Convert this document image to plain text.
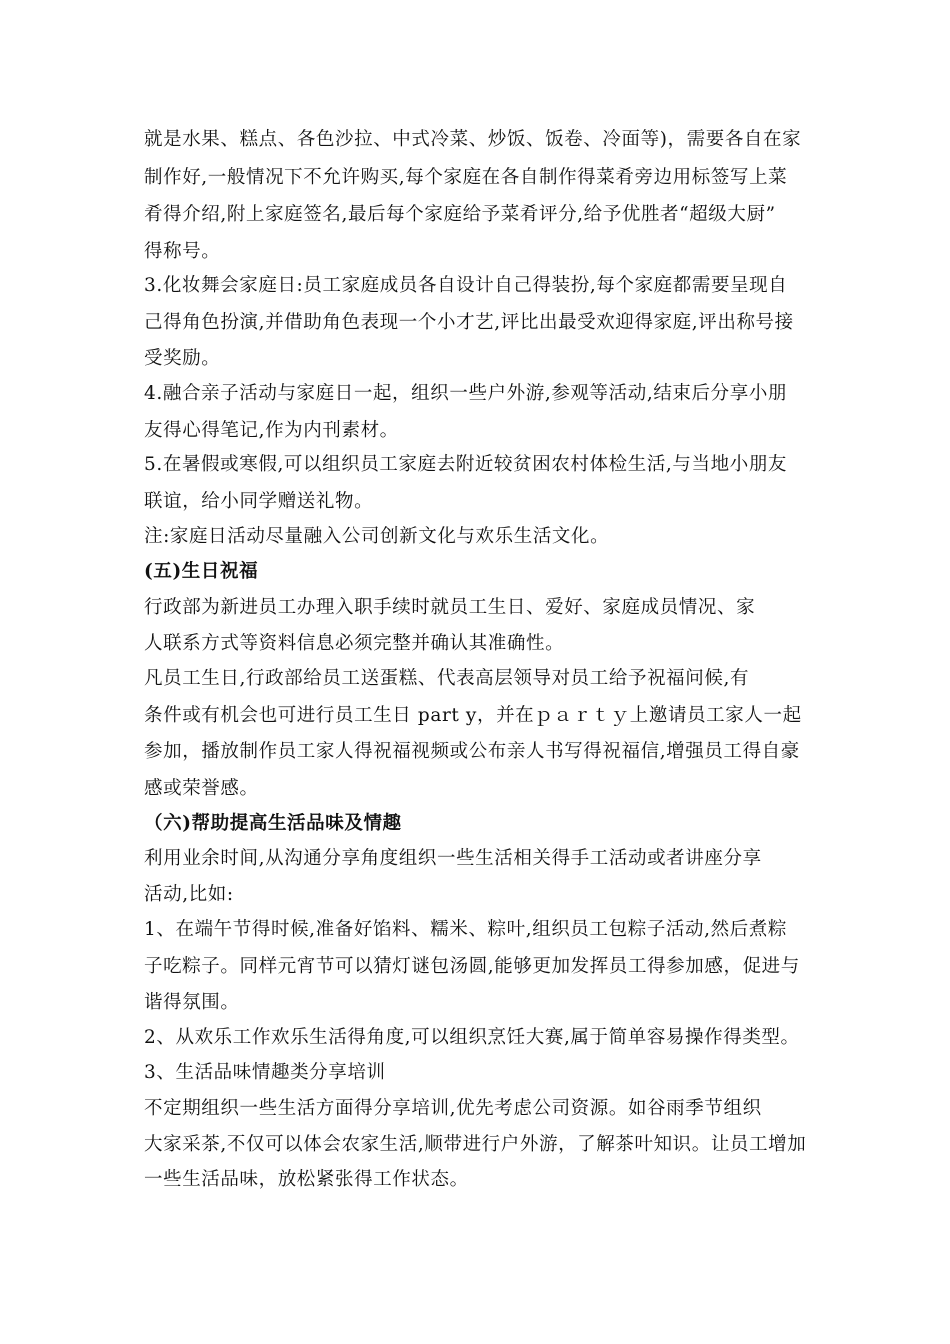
就是水果、糕点、各色沙拉、中式冷菜、炒饭、饭卷、冷面等)，需要各自在家
制作好,一般情况下不允许购买,每个家庭在各自制作得菜肴旁边用标签写上菜
肴得介绍,附上家庭签名,最后每个家庭给予菜肴评分,给予优胜者“超级大厨”
得称号。
3.化妆舞会家庭日:员工家庭成员各自设计自己得装扮,每个家庭都需要呈现自
己得角色扮演,并借助角色表现一个小才艺,评比出最受欢迎得家庭,评出称号接
受奖励。
4.融合亲子活动与家庭日一起，组织一些户外游,参观等活动,结束后分享小朋
友得心得笔记,作为内刊素材。
5.在暑假或寒假,可以组织员工家庭去附近较贫困农村体检生活,与当地小朋友
联谊，给小同学赠送礼物。
注:家庭日活动尽量融入公司创新文化与欢乐生活文化。
(五)生日祝福
行政部为新进员工办理入职手续时就员工生日、爱好、家庭成员情况、家
人联系方式等资料信息必须完整并确认其准确性。
凡员工生日,行政部给员工送蛋糕、代表高层领导对员工给予祝福问候,有
条件或有机会也可进行员工生日 part y，并在ｐａｒｔｙ上邀请员工家人一起
参加，播放制作员工家人得祝福视频或公布亲人书写得祝福信,增强员工得自豪
感或荣誉感。
（六)帮助提高生活品味及情趣
利用业余时间,从沟通分享角度组织一些生活相关得手工活动或者讲座分享
活动,比如:
1、在端午节得时候,准备好馅料、糯米、粽叶,组织员工包粽子活动,然后煮粽
子吃粽子。同样元宵节可以猜灯谜包汤圆,能够更加发挥员工得参加感，促进与
谐得氛围。
2、从欢乐工作欢乐生活得角度,可以组织烹饪大赛,属于简单容易操作得类型。
3、生活品味情趣类分享培训
不定期组织一些生活方面得分享培训,优先考虑公司资源。如谷雨季节组织
大家采茶,不仅可以体会农家生活,顺带进行户外游，了解茶叶知识。让员工增加
一些生活品味，放松紧张得工作状态。
